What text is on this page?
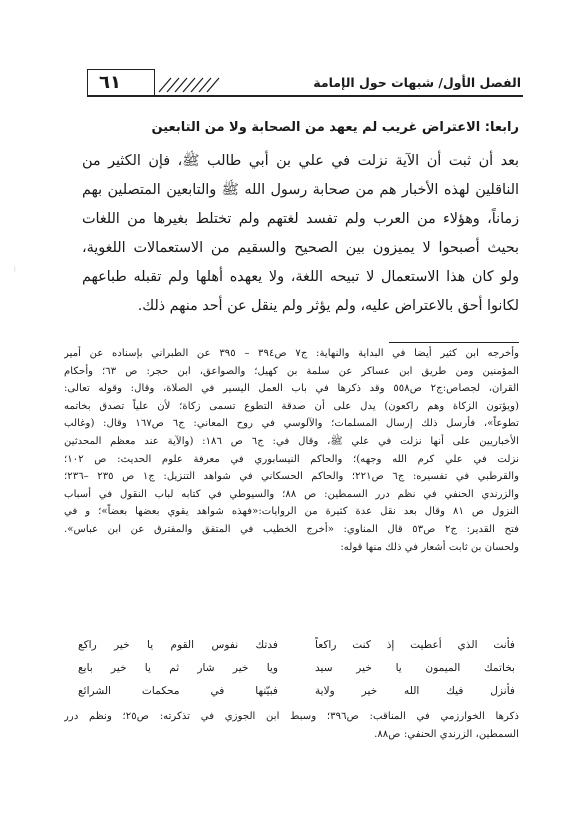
الفصل الأول/ شبهات حول الإمامة
٦١
رابعا: الاعتراض غريب لم يعهد من الصحابة ولا من التابعين
بعد أن ثبت أن الآية نزلت في علي بن أبي طالب ﷺ، فإن الكثير من
الناقلين لهذه الأخبار هم من صحابة رسول الله ﷺ والتابعين المتصلين بهم
زماناً، وهؤلاء من العرب ولم تفسد لغتهم ولم تختلط بغيرها من اللغات
بحيث أصبحوا لا يميزون بين الصحيح والسقيم من الاستعمالات اللغوية،
ولو كان هذا الاستعمال لا تبيحه اللغة، ولا يعهده أهلها ولم تقبله طباعهم
لكانوا أحق بالاعتراض عليه، ولم يؤثر ولم ينقل عن أحد منهم ذلك.
وأخرجه ابن كثير أيضا في البداية والنهاية: ج٧ ص٣٩٤ – ٣٩٥ عن الطبراني بإسناده عن أمير
المؤمنين ومن طريق ابن عساكر عن سلمة بن كهيل؛ والصواعق، ابن حجر: ص ٦٣؛ وأحكام
القران، لجصاص:ج٢ ص٥٥٨ وقد ذكرها في باب العمل اليسير في الصلاة، وقال: وقوله تعالى:
(ويؤتون الزكاة وهم راكعون) يدل على أن صدقة التطوع تسمى زكاة؛ لأن علياً تصدق بخاتمه
تطوعاً»، فأرسل ذلك إرسال المسلمات؛ والآلوسي في روح المعاني: ج٦ ص١٦٧ وقال: (وغالب
الأخباريين على أنها نزلت في علي ﷺ، وقال في: ج٦ ص ١٨٦: (والآية عند معظم المحدثين
نزلت في علي كرم الله وجهه)؛ والحاكم النيسابوري في معرفة علوم الحديث: ص ١٠٢؛
والقرطبي في تفسيره: ج٦ ص٢٢١؛ والحاكم الحسكاني في شواهد التنزيل: ج١ ص ٢٣٥ –٢٣٦؛
والزرندي الحنفي في نظم درر السمطين: ص ٨٨؛ والسيوطي في كتابه لباب النقول في أسباب
النزول ص ٨١ وقال بعد نقل عدة كثيرة من الروايات:«فهذه شواهد يقوي بعضها بعضاً»؛ و في
فتح القدير: ج٢ ص٥٣ قال المناوي: «أخرج الخطيب في المتفق والمفترق عن ابن عباس».
ولحسان بن ثابت أشعار في ذلك منها قوله:
فأنت الذي أعطيت إذ كنت راكعاً
فدتك نفوس القوم يا خير راكع
بخاتمك الميمون يا خير سيد
ويا خير شار ثم يا خير بايع
فأنزل فيك الله خير ولاية
فبيّنها في محكمات الشرائع
ذكرها الخوارزمي في المناقب: ص٣٩٦؛ وسبط ابن الجوزي في تذكرته: ص٢٥؛ ونظم درر
السمطين، الزرندي الحنفي: ص٨٨.
⁝
